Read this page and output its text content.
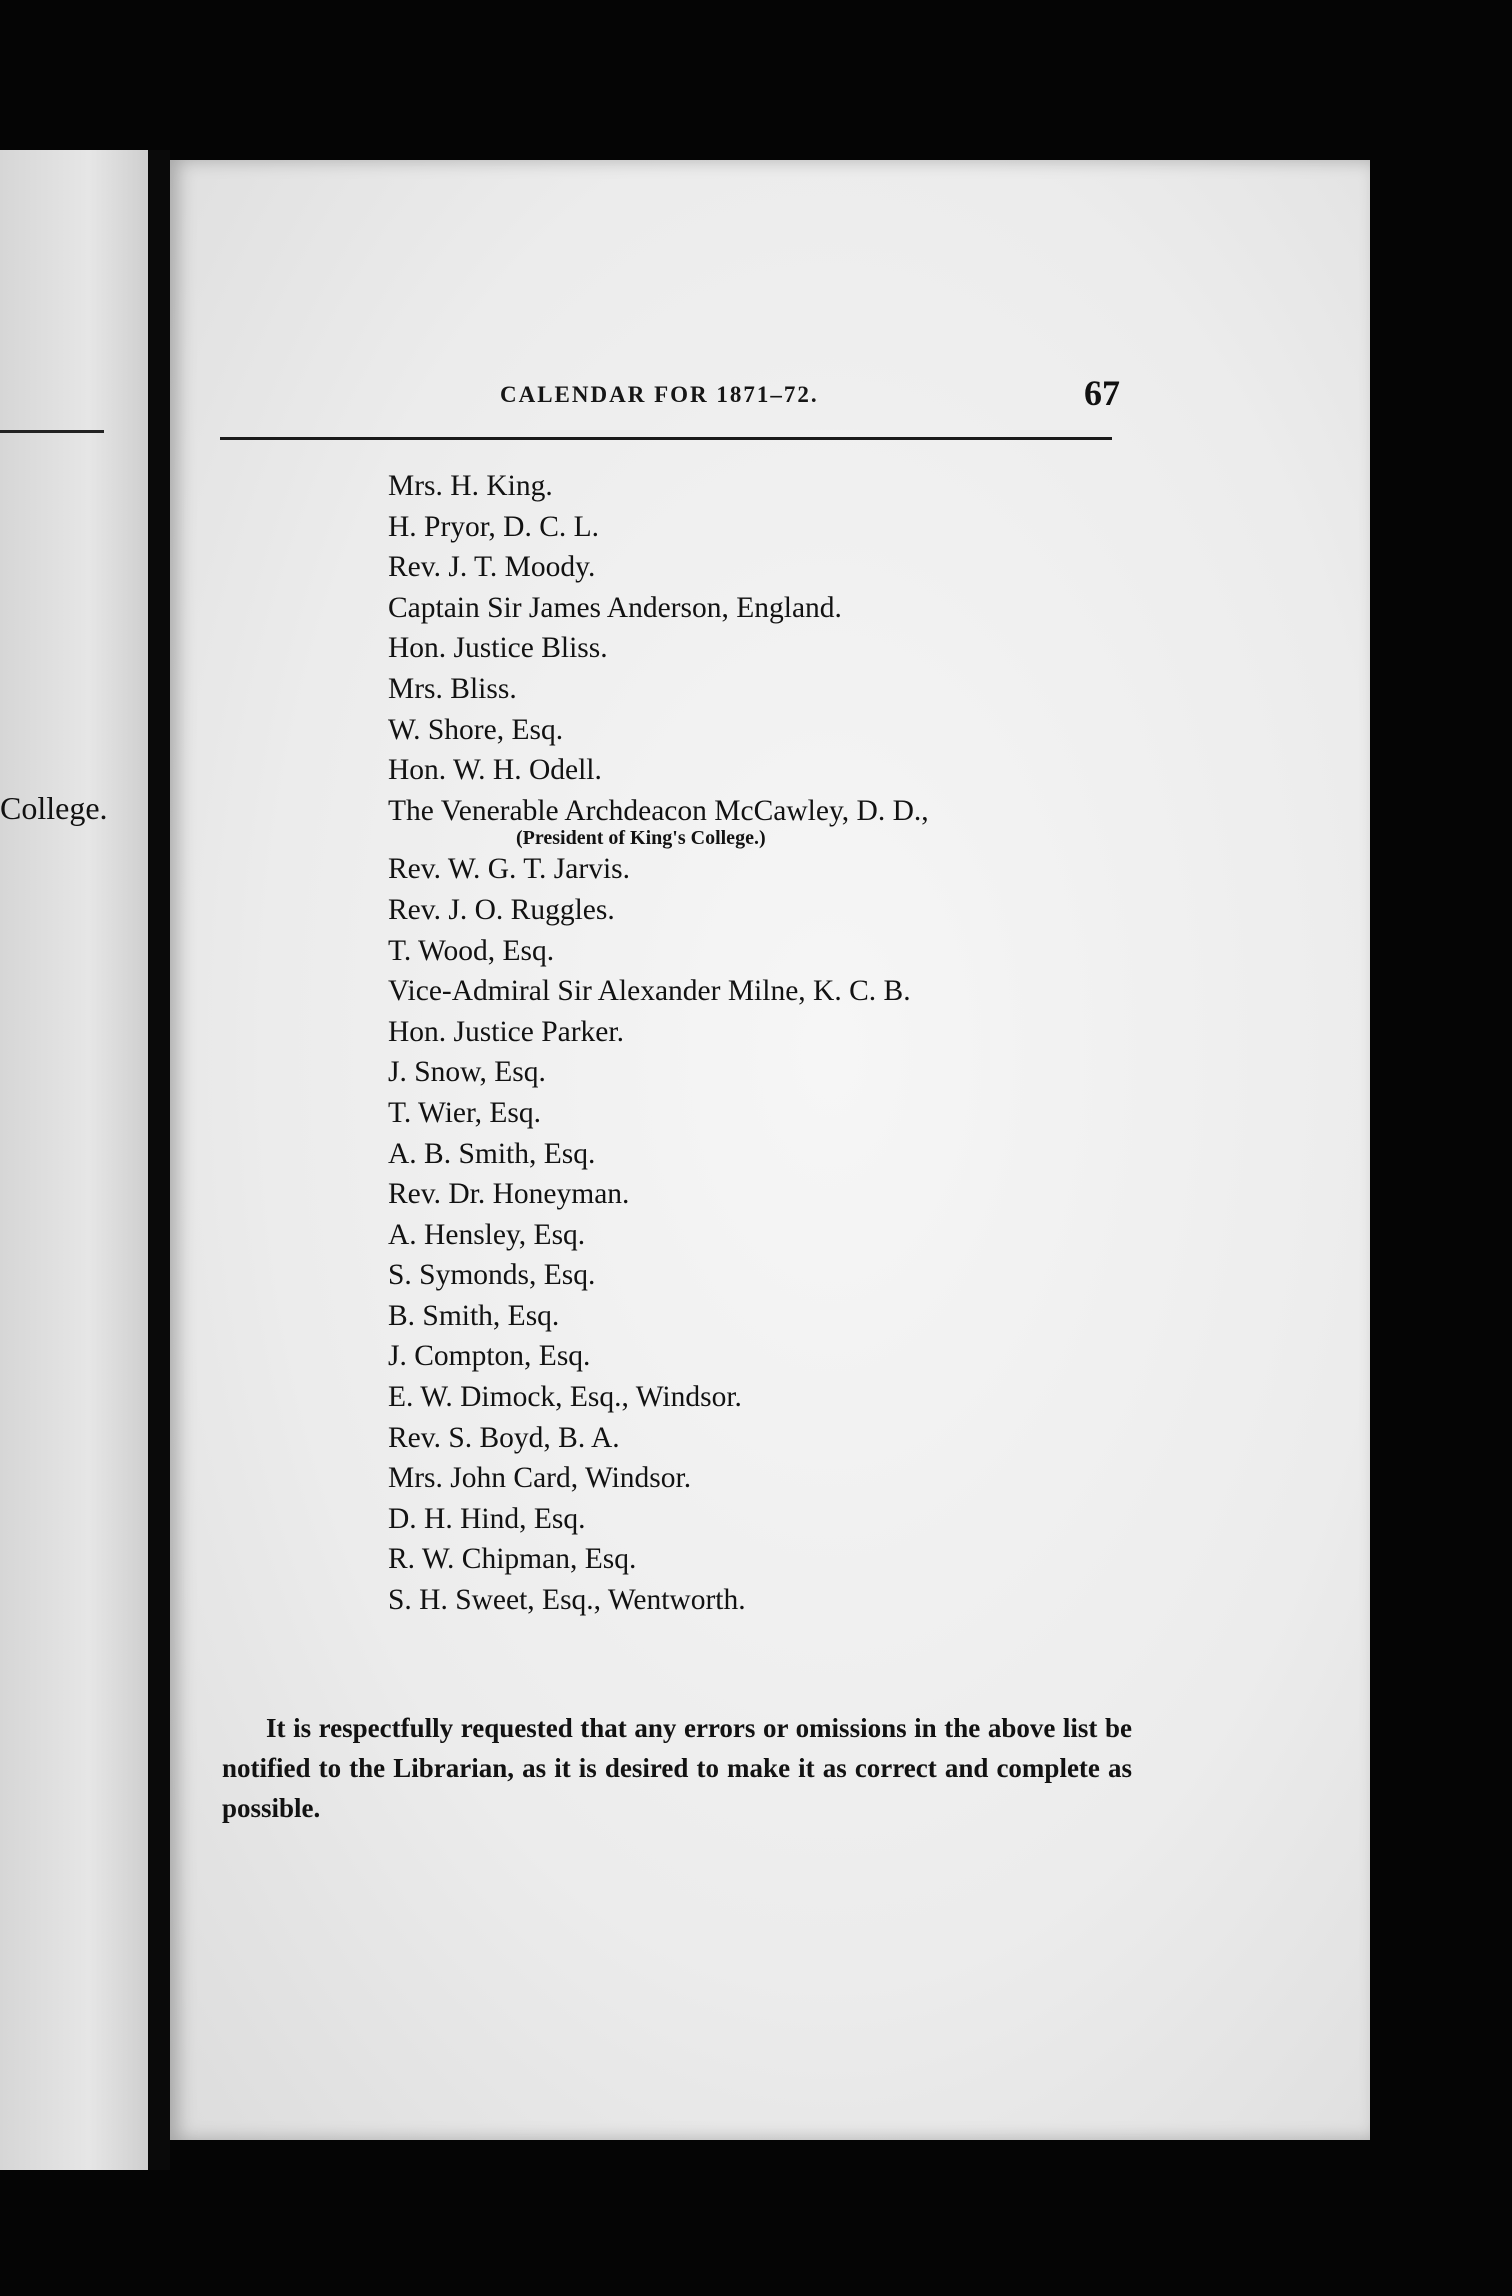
College.
CALENDAR FOR 1871–72.	67
Mrs. H. King.
H. Pryor, D. C. L.
Rev. J. T. Moody.
Captain Sir James Anderson, England.
Hon. Justice Bliss.
Mrs. Bliss.
W. Shore, Esq.
Hon. W. H. Odell.
The Venerable Archdeacon McCawley, D. D.,
(President of King's College.)
Rev. W. G. T. Jarvis.
Rev. J. O. Ruggles.
T. Wood, Esq.
Vice-Admiral Sir Alexander Milne, K. C. B.
Hon. Justice Parker.
J. Snow, Esq.
T. Wier, Esq.
A. B. Smith, Esq.
Rev. Dr. Honeyman.
A. Hensley, Esq.
S. Symonds, Esq.
B. Smith, Esq.
J. Compton, Esq.
E. W. Dimock, Esq., Windsor.
Rev. S. Boyd, B. A.
Mrs. John Card, Windsor.
D. H. Hind, Esq.
R. W. Chipman, Esq.
S. H. Sweet, Esq., Wentworth.

It is respectfully requested that any errors or omissions in the above list be notified to the Librarian, as it is desired to make it as correct and complete as possible.
